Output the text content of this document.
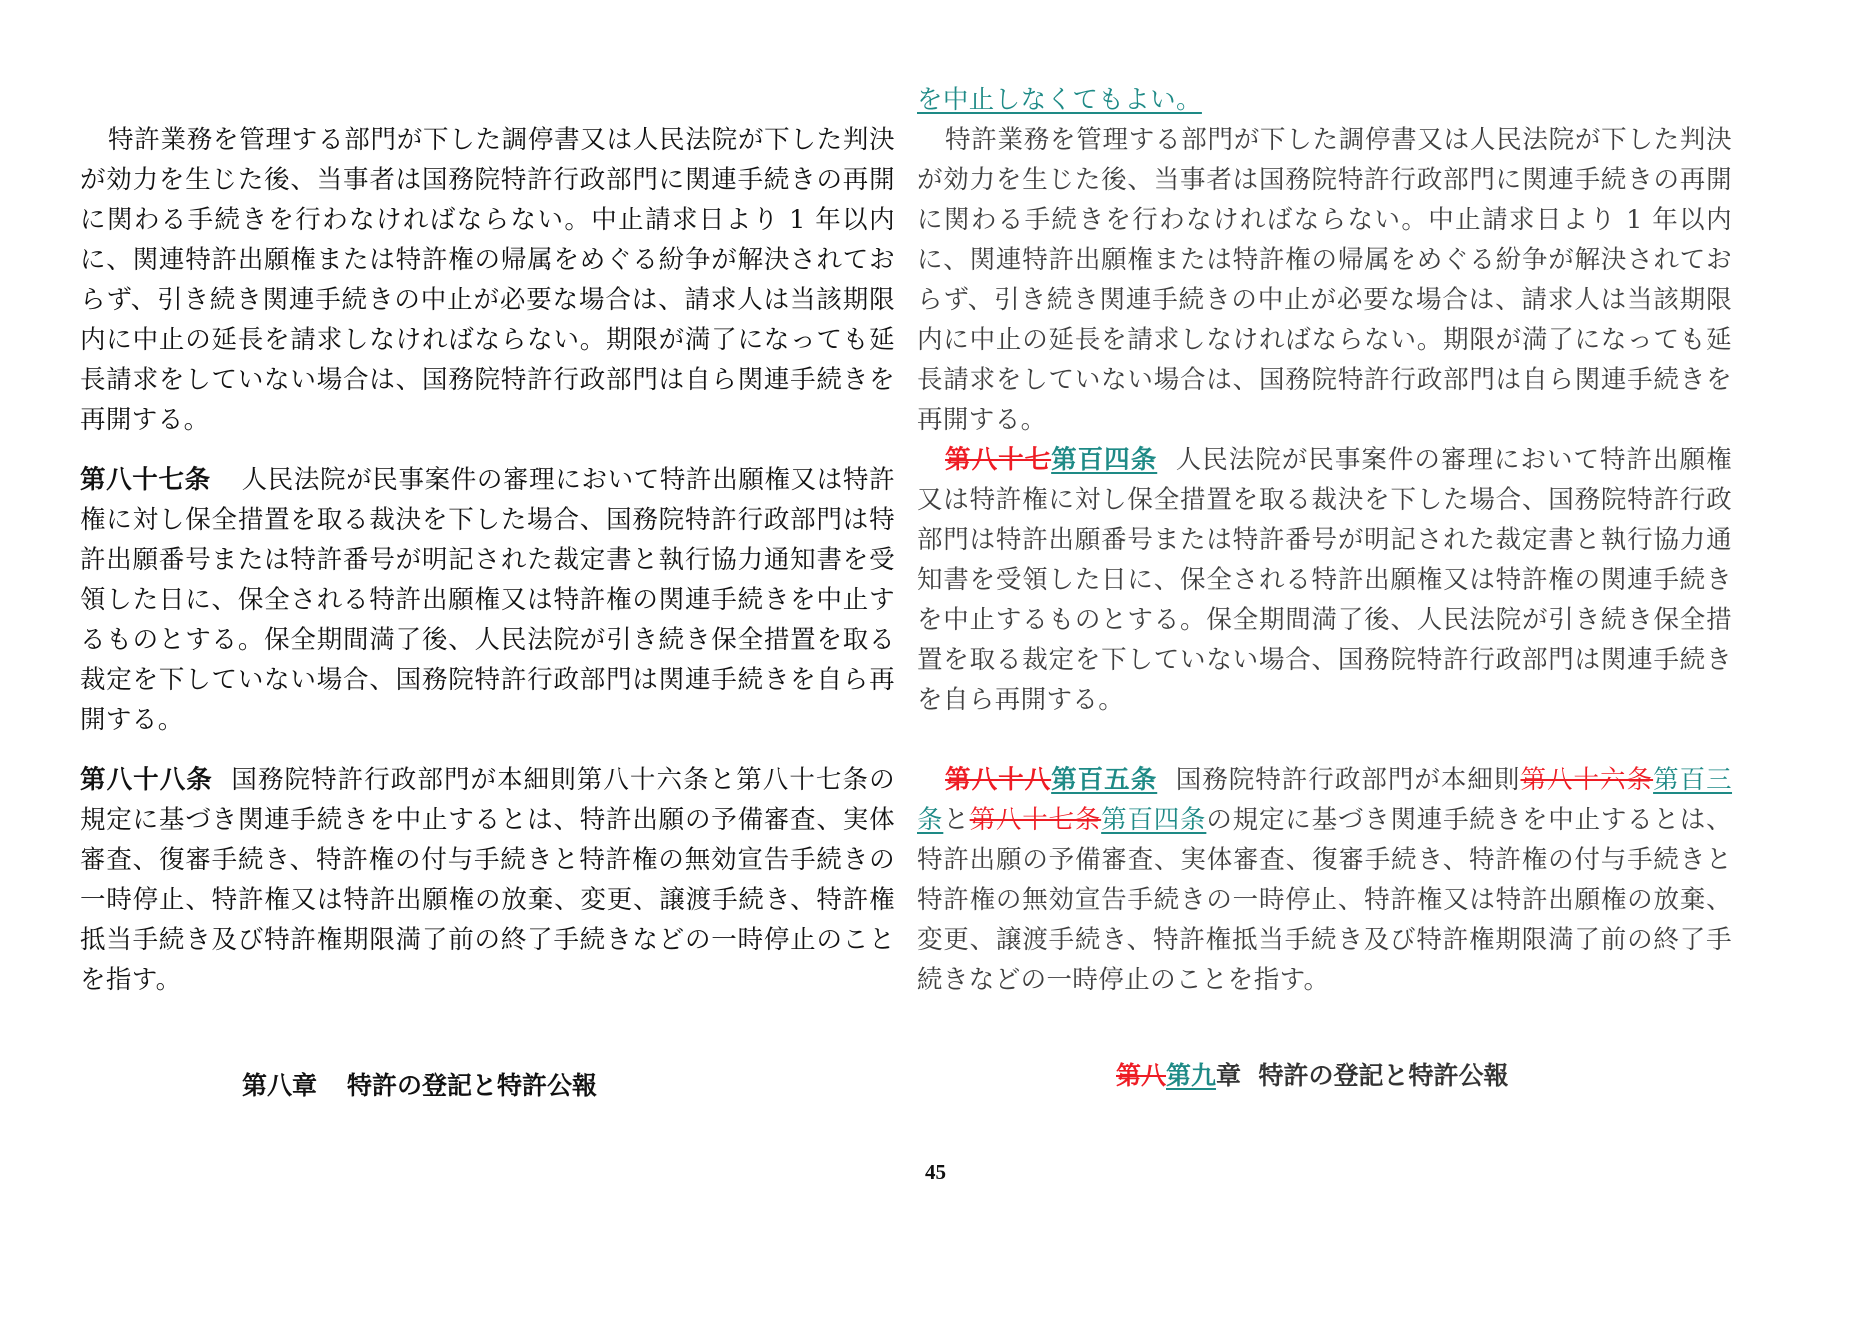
特許業務を管理する部門が下した調停書又は人民法院が下した判決が効力を生じた後、当事者は国務院特許行政部門に関連手続きの再開に関わる手続きを行わなければならない。中止請求日より 1 年以内に、関連特許出願権または特許権の帰属をめぐる紛争が解決されておらず、引き続き関連手続きの中止が必要な場合は、請求人は当該期限内に中止の延長を請求しなければならない。期限が満了になっても延長請求をしていない場合は、国務院特許行政部門は自ら関連手続きを再開する。

第八十七条 人民法院が民事案件の審理において特許出願権又は特許権に対し保全措置を取る裁決を下した場合、国務院特許行政部門は特許出願番号または特許番号が明記された裁定書と執行協力通知書を受領した日に、保全される特許出願権又は特許権の関連手続きを中止するものとする。保全期間満了後、人民法院が引き続き保全措置を取る裁定を下していない場合、国務院特許行政部門は関連手続きを自ら再開する。

第八十八条 国務院特許行政部門が本細則第八十六条と第八十七条の規定に基づき関連手続きを中止するとは、特許出願の予備審査、実体審査、復審手続き、特許権の付与手続きと特許権の無効宣告手続きの一時停止、特許権又は特許出願権の放棄、変更、譲渡手続き、特許権抵当手続き及び特許権期限満了前の終了手続きなどの一時停止のことを指す。

第八章 特許の登記と特許公報

を中止しなくてもよい。

特許業務を管理する部門が下した調停書又は人民法院が下した判決が効力を生じた後、当事者は国務院特許行政部門に関連手続きの再開に関わる手続きを行わなければならない。中止請求日より 1 年以内に、関連特許出願権または特許権の帰属をめぐる紛争が解決されておらず、引き続き関連手続きの中止が必要な場合は、請求人は当該期限内に中止の延長を請求しなければならない。期限が満了になっても延長請求をしていない場合は、国務院特許行政部門は自ら関連手続きを再開する。

第八十七第百四条 人民法院が民事案件の審理において特許出願権又は特許権に対し保全措置を取る裁決を下した場合、国務院特許行政部門は特許出願番号または特許番号が明記された裁定書と執行協力通知書を受領した日に、保全される特許出願権又は特許権の関連手続きを中止するものとする。保全期間満了後、人民法院が引き続き保全措置を取る裁定を下していない場合、国務院特許行政部門は関連手続きを自ら再開する。

第八十八第百五条 国務院特許行政部門が本細則第八十六条第百三条と第八十七条第百四条の規定に基づき関連手続きを中止するとは、特許出願の予備審査、実体審査、復審手続き、特許権の付与手続きと特許権の無効宣告手続きの一時停止、特許権又は特許出願権の放棄、変更、譲渡手続き、特許権抵当手続き及び特許権期限満了前の終了手続きなどの一時停止のことを指す。

第八第九章 特許の登記と特許公報
45
